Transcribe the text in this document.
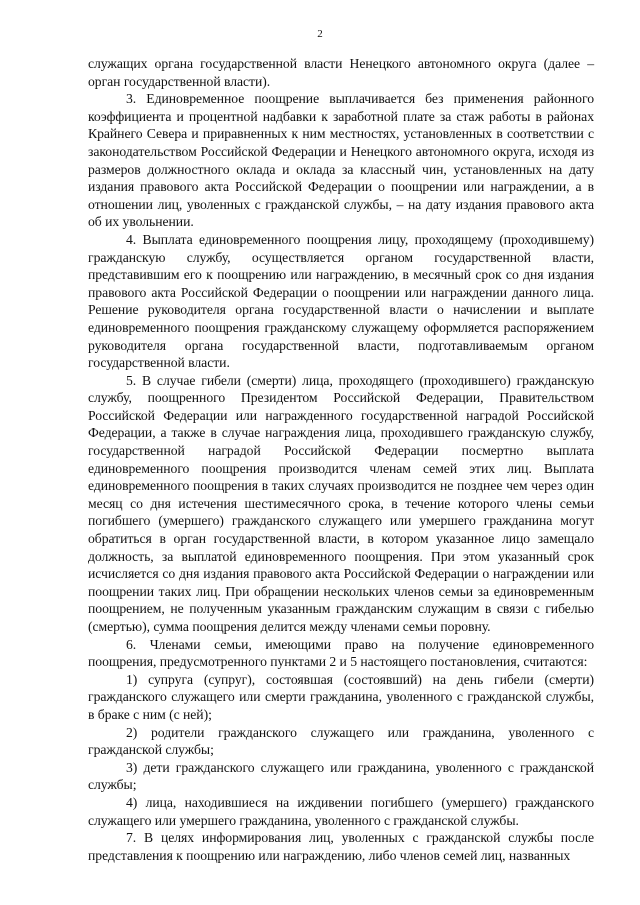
2

служащих органа государственной власти Ненецкого автономного округа (далее – орган государственной власти).

3. Единовременное поощрение выплачивается без применения районного коэффициента и процентной надбавки к заработной плате за стаж работы в районах Крайнего Севера и приравненных к ним местностях, установленных в соответствии с законодательством Российской Федерации и Ненецкого автономного округа, исходя из размеров должностного оклада и оклада за классный чин, установленных на дату издания правового акта Российской Федерации о поощрении или награждении, а в отношении лиц, уволенных с гражданской службы, – на дату издания правового акта об их увольнении.

4. Выплата единовременного поощрения лицу, проходящему (проходившему) гражданскую службу, осуществляется органом государственной власти, представившим его к поощрению или награждению, в месячный срок со дня издания правового акта Российской Федерации о поощрении или награждении данного лица. Решение руководителя органа государственной власти о начислении и выплате единовременного поощрения гражданскому служащему оформляется распоряжением руководителя органа государственной власти, подготавливаемым органом государственной власти.

5. В случае гибели (смерти) лица, проходящего (проходившего) гражданскую службу, поощренного Президентом Российской Федерации, Правительством Российской Федерации или награжденного государственной наградой Российской Федерации, а также в случае награждения лица, проходившего гражданскую службу, государственной наградой Российской Федерации посмертно выплата единовременного поощрения производится членам семей этих лиц. Выплата единовременного поощрения в таких случаях производится не позднее чем через один месяц со дня истечения шестимесячного срока, в течение которого члены семьи погибшего (умершего) гражданского служащего или умершего гражданина могут обратиться в орган государственной власти, в котором указанное лицо замещало должность, за выплатой единовременного поощрения. При этом указанный срок исчисляется со дня издания правового акта Российской Федерации о награждении или поощрении таких лиц. При обращении нескольких членов семьи за единовременным поощрением, не полученным указанным гражданским служащим в связи с гибелью (смертью), сумма поощрения делится между членами семьи поровну.

6. Членами семьи, имеющими право на получение единовременного поощрения, предусмотренного пунктами 2 и 5 настоящего постановления, считаются:

1) супруга (супруг), состоявшая (состоявший) на день гибели (смерти) гражданского служащего или смерти гражданина, уволенного с гражданской службы, в браке с ним (с ней);

2) родители гражданского служащего или гражданина, уволенного с гражданской службы;

3) дети гражданского служащего или гражданина, уволенного с гражданской службы;

4) лица, находившиеся на иждивении погибшего (умершего) гражданского служащего или умершего гражданина, уволенного с гражданской службы.

7. В целях информирования лиц, уволенных с гражданской службы после представления к поощрению или награждению, либо членов семей лиц, названных
